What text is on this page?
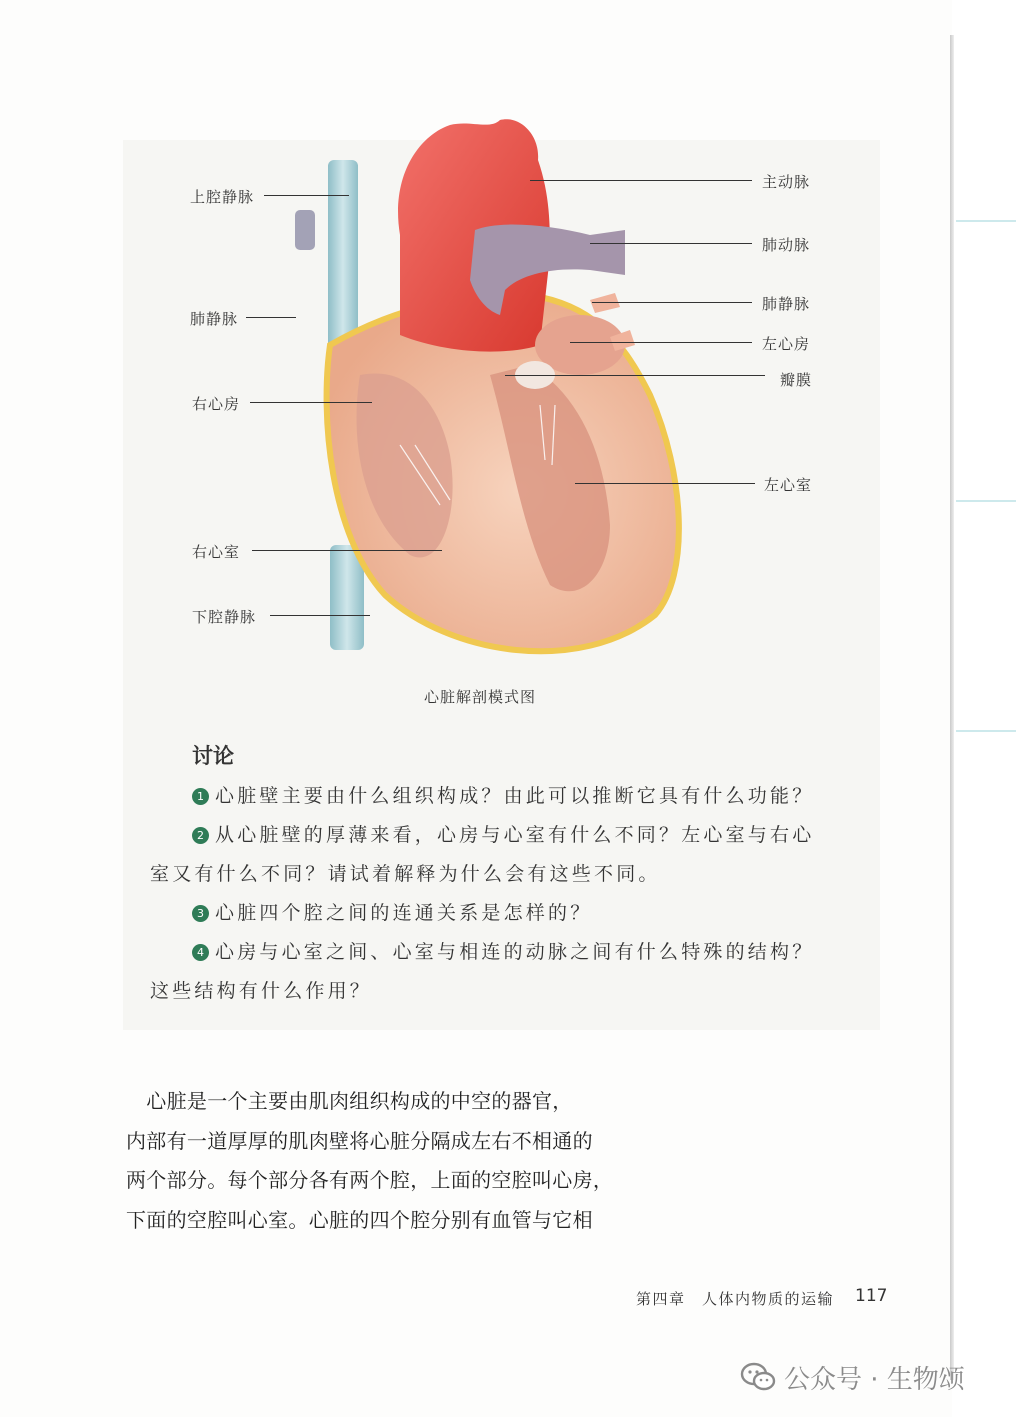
上腔静脉
肺静脉
右心房
右心室
下腔静脉
主动脉
肺动脉
肺静脉
左心房
瓣膜
左心室
心脏解剖模式图
讨论
1 心脏壁主要由什么组织构成？由此可以推断它具有什么功能？
2 从心脏壁的厚薄来看，心房与心室有什么不同？左心室与右心
室又有什么不同？请试着解释为什么会有这些不同。
3 心脏四个腔之间的连通关系是怎样的？
4 心房与心室之间、心室与相连的动脉之间有什么特殊的结构？
这些结构有什么作用？
　心脏是一个主要由肌肉组织构成的中空的器官，
内部有一道厚厚的肌肉壁将心脏分隔成左右不相通的
两个部分。每个部分各有两个腔，上面的空腔叫心房，
下面的空腔叫心室。心脏的四个腔分别有血管与它相
第四章　人体内物质的运输 117
公众号 · 生物颂
